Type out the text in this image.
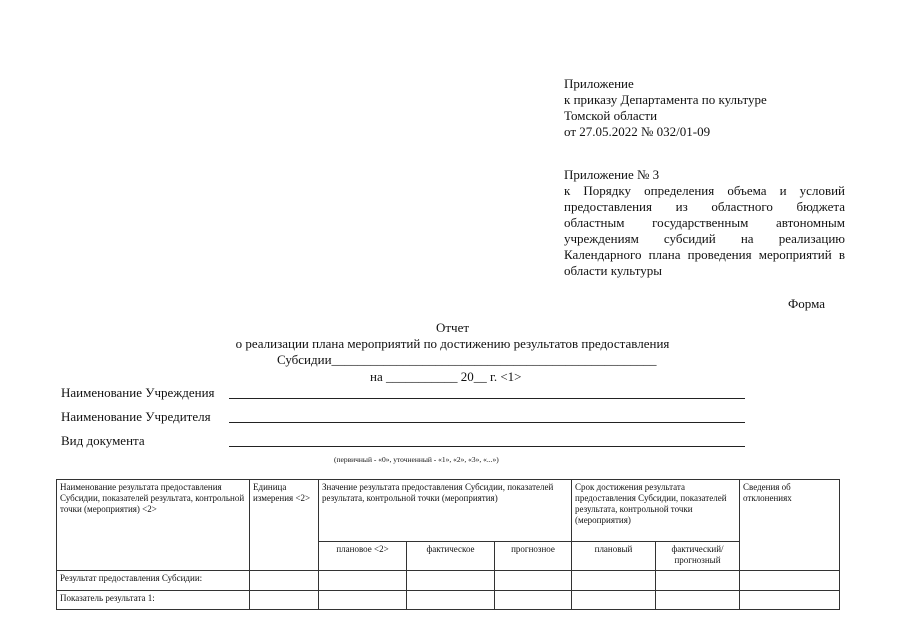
Приложение
к приказу Департамента по культуре
Томской области
от 27.05.2022 № 032/01-09
Приложение № 3
к Порядку определения объема и условий предоставления из областного бюджета областным государственным автономным учреждениям субсидий на реализацию Календарного плана проведения мероприятий в области культуры
Форма
Отчет
о реализации плана мероприятий по достижению результатов предоставления
Субсидии__________________________________________________
на ___________ 20__ г. <1>
Наименование Учреждения
Наименование Учредителя
Вид документа
(первичный - «0», уточненный - «1», «2», «3», «...»)
Наименование результата предоставления Субсидии, показателей результата, контрольной точки (мероприятия) <2>	Единица измерения <2>	Значение результата предоставления Субсидии, показателей результата, контрольной точки (мероприятия)			Срок достижения результата предоставления Субсидии, показателей результата, контрольной точки (мероприятия)		Сведения об отклонениях
		плановое <2>	фактическое	прогнозное	плановый	фактический/ прогнозный	
Результат предоставления Субсидии:							
Показатель результата 1:							
